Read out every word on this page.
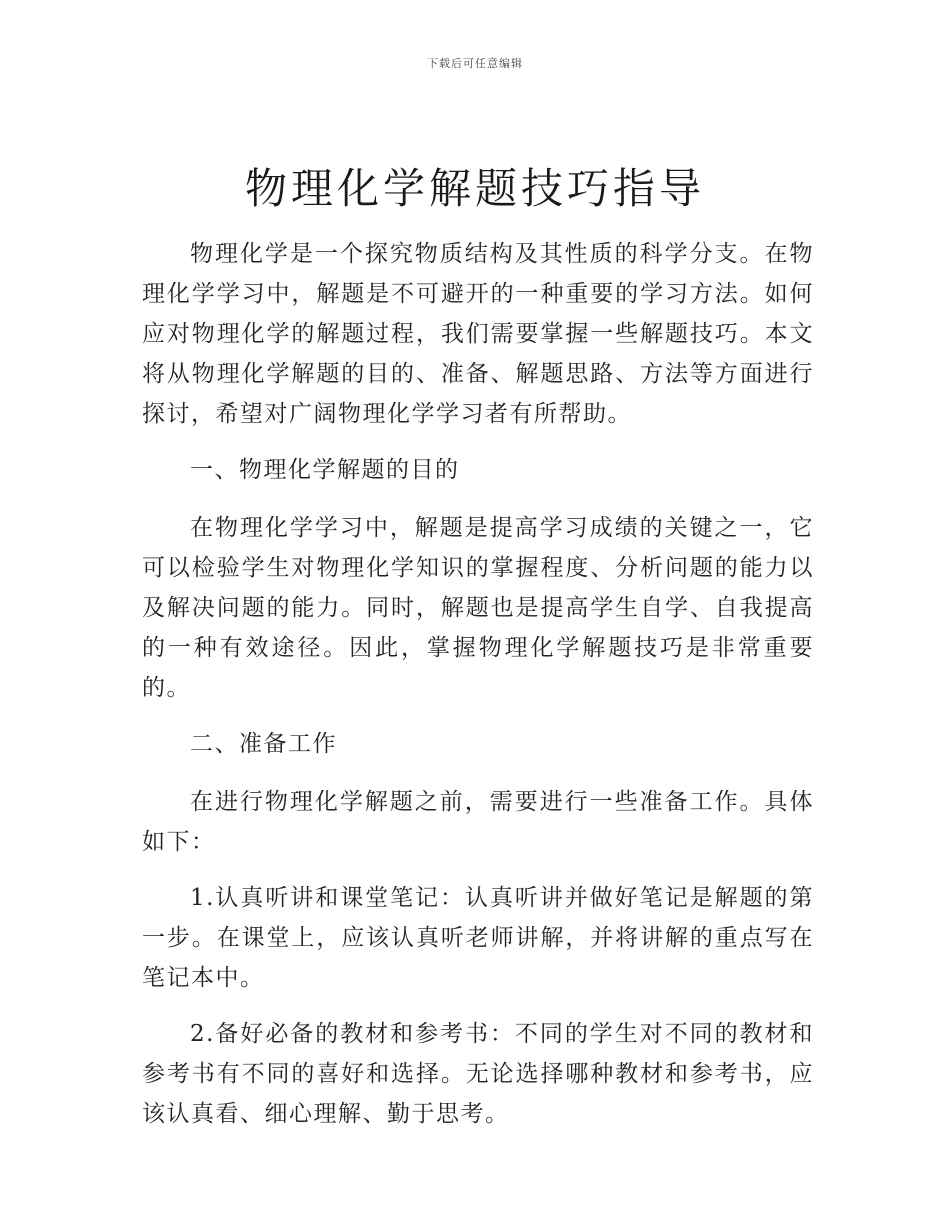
下载后可任意编辑
物理化学解题技巧指导

物理化学是一个探究物质结构及其性质的科学分支。在物理化学学习中，解题是不可避开的一种重要的学习方法。如何应对物理化学的解题过程，我们需要掌握一些解题技巧。本文将从物理化学解题的目的、准备、解题思路、方法等方面进行探讨，希望对广阔物理化学学习者有所帮助。

一、物理化学解题的目的

在物理化学学习中，解题是提高学习成绩的关键之一，它可以检验学生对物理化学知识的掌握程度、分析问题的能力以及解决问题的能力。同时，解题也是提高学生自学、自我提高的一种有效途径。因此，掌握物理化学解题技巧是非常重要的。

二、准备工作

在进行物理化学解题之前，需要进行一些准备工作。具体如下：

1.认真听讲和课堂笔记：认真听讲并做好笔记是解题的第一步。在课堂上，应该认真听老师讲解，并将讲解的重点写在笔记本中。

2.备好必备的教材和参考书：不同的学生对不同的教材和参考书有不同的喜好和选择。无论选择哪种教材和参考书，应该认真看、细心理解、勤于思考。
